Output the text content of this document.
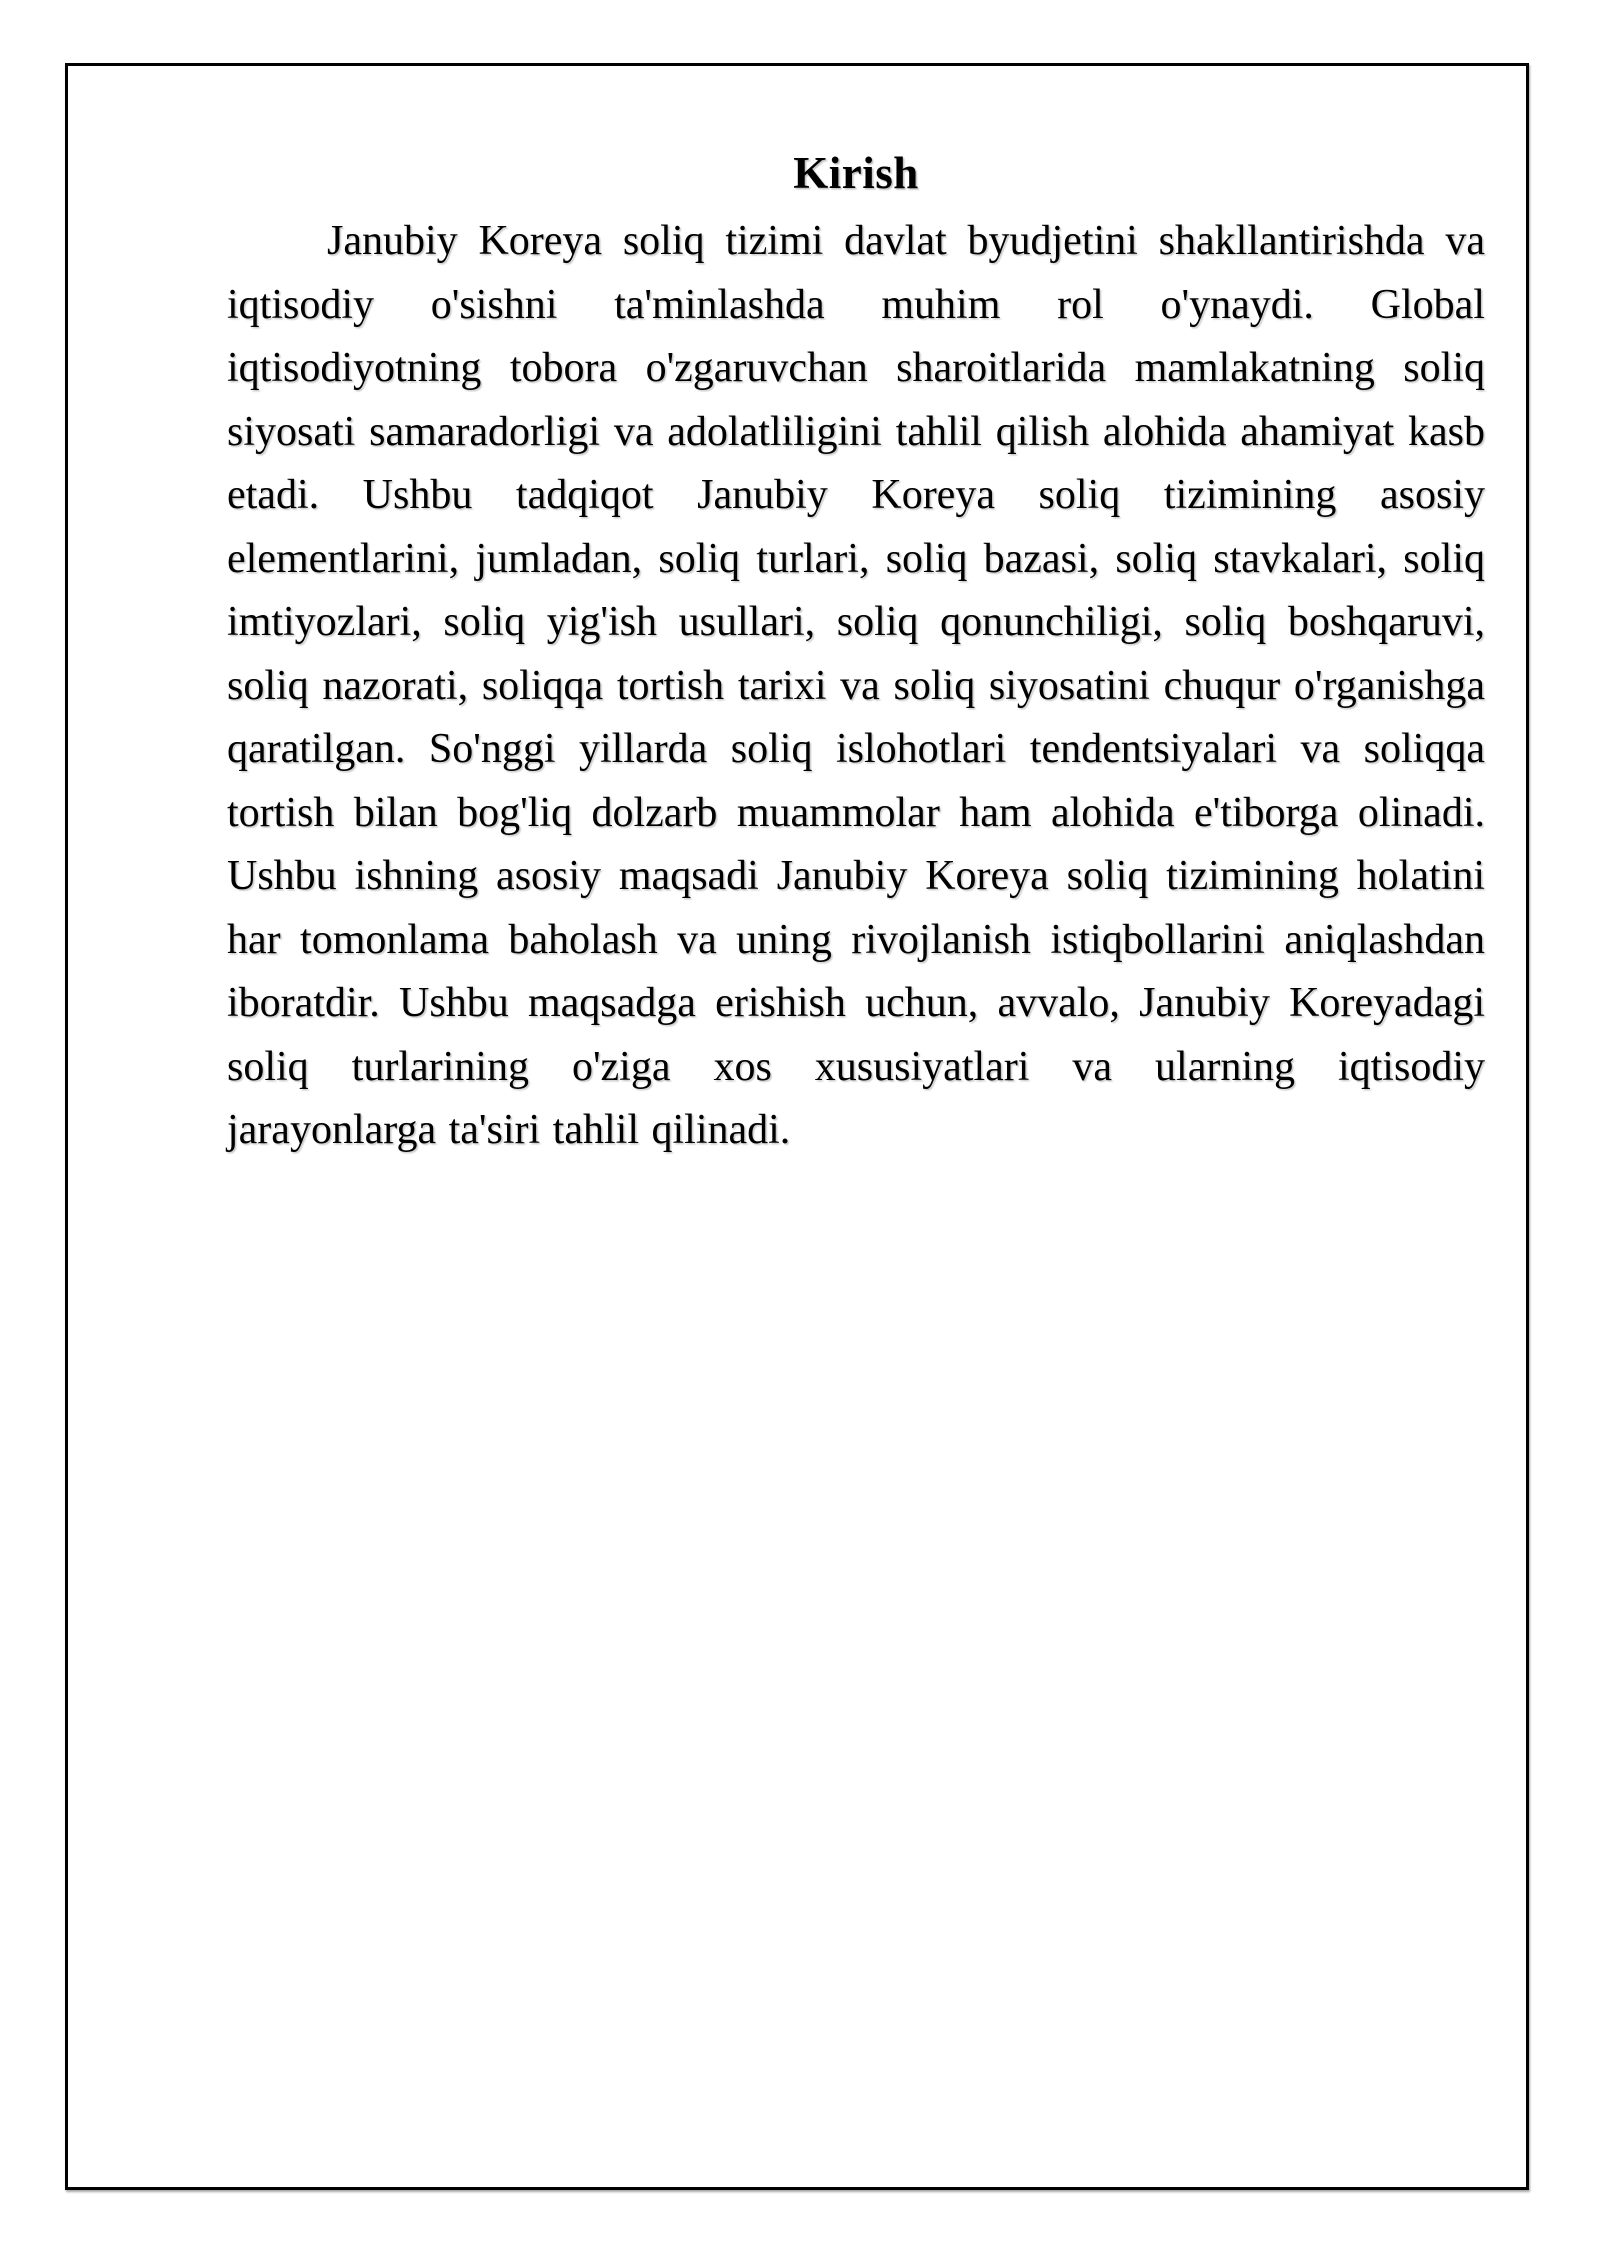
Kirish

Janubiy Koreya soliq tizimi davlat byudjetini shakllantirishda va iqtisodiy o'sishni ta'minlashda muhim rol o'ynaydi. Global iqtisodiyotning tobora o'zgaruvchan sharoitlarida mamlakatning soliq siyosati samaradorligi va adolatliligini tahlil qilish alohida ahamiyat kasb etadi. Ushbu tadqiqot Janubiy Koreya soliq tizimining asosiy elementlarini, jumladan, soliq turlari, soliq bazasi, soliq stavkalari, soliq imtiyozlari, soliq yig'ish usullari, soliq qonunchiligi, soliq boshqaruvi, soliq nazorati, soliqqa tortish tarixi va soliq siyosatini chuqur o'rganishga qaratilgan. So'nggi yillarda soliq islohotlari tendentsiyalari va soliqqa tortish bilan bog'liq dolzarb muammolar ham alohida e'tiborga olinadi. Ushbu ishning asosiy maqsadi Janubiy Koreya soliq tizimining holatini har tomonlama baholash va uning rivojlanish istiqbollarini aniqlashdan iboratdir. Ushbu maqsadga erishish uchun, avvalo, Janubiy Koreyadagi soliq turlarining o'ziga xos xususiyatlari va ularning iqtisodiy jarayonlarga ta'siri tahlil qilinadi.
